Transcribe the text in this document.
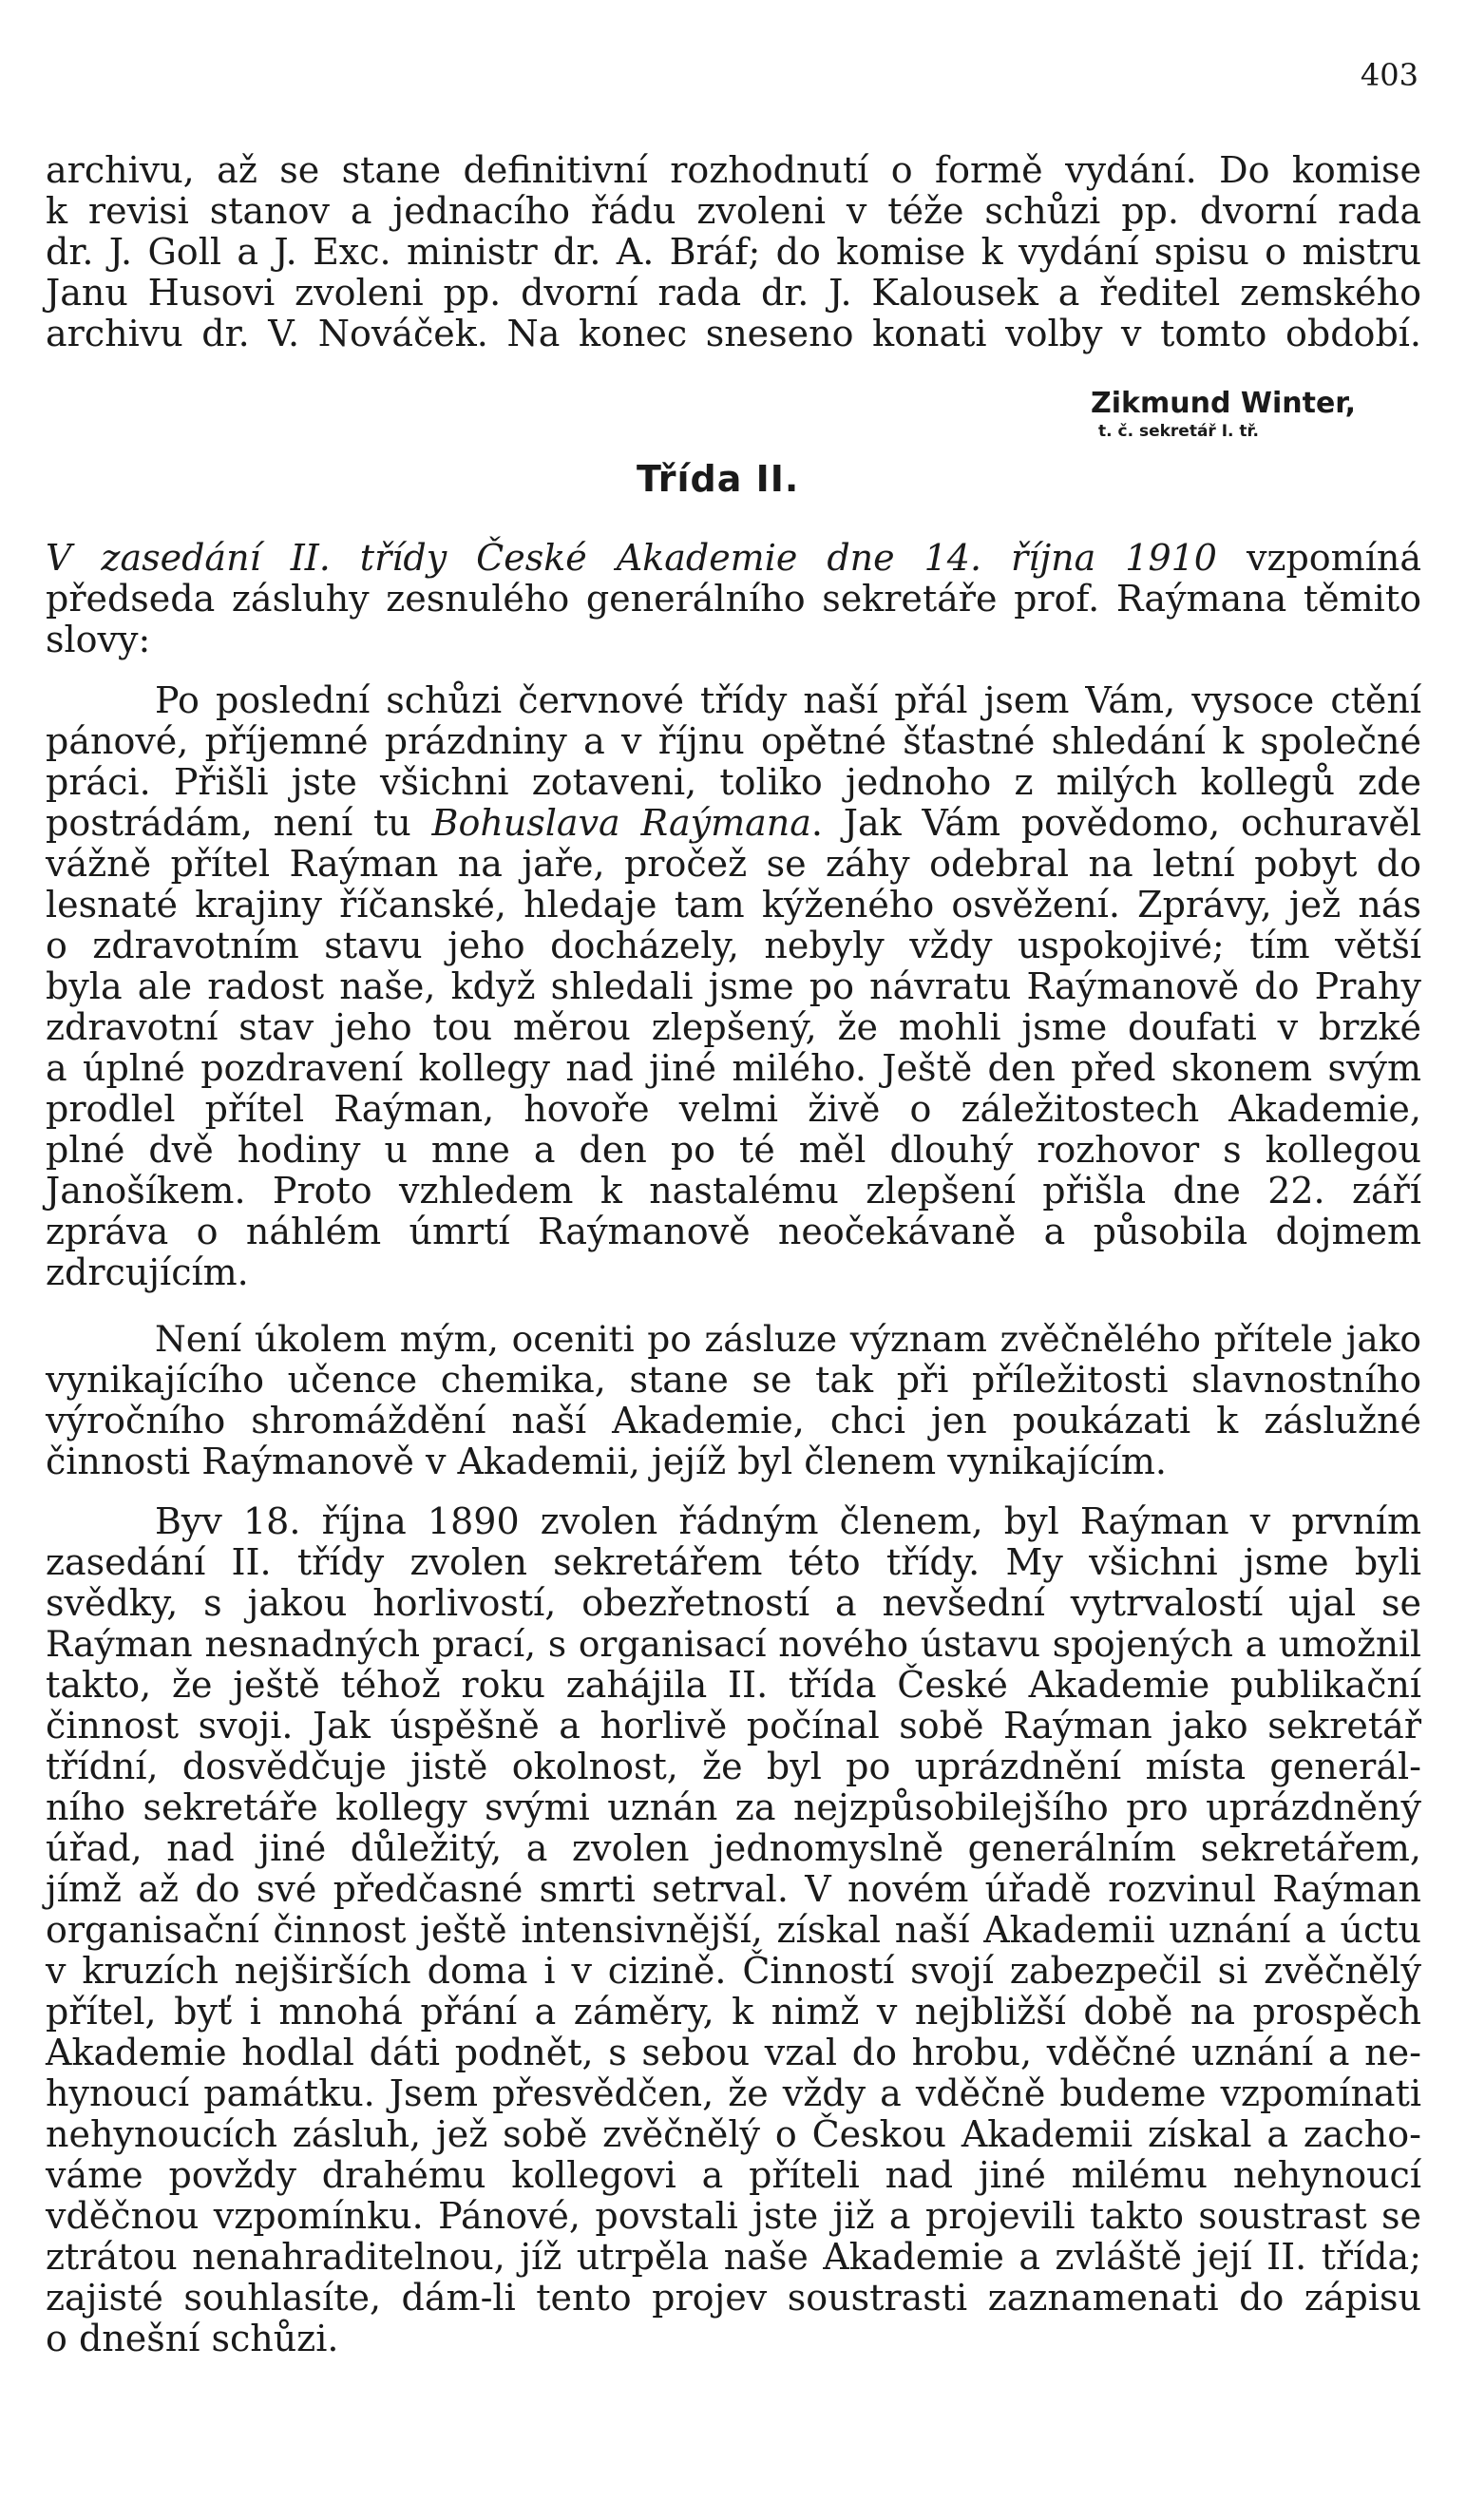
403
archivu, až se stane definitivní rozhodnutí o formě vydání. Do komise
k revisi stanov a jednacího řádu zvoleni v téže schůzi pp. dvorní rada
dr. J. Goll a J. Exc. ministr dr. A. Bráf; do komise k vydání spisu o mistru
Janu Husovi zvoleni pp. dvorní rada dr. J. Kalousek a ředitel zemského
archivu dr. V. Nováček. Na konec sneseno konati volby v tomto období.
Zikmund Winter,
t. č. sekretář I. tř.
Třída II.
V zasedání II. třídy České Akademie dne 14. října 1910 vzpomíná
předseda zásluhy zesnulého generálního sekretáře prof. Raýmana těmito
slovy:
Po poslední schůzi červnové třídy naší přál jsem Vám, vysoce ctění
pánové, příjemné prázdniny a v říjnu opětné šťastné shledání k společné
práci. Přišli jste všichni zotaveni, toliko jednoho z milých kollegů zde
postrádám, není tu Bohuslava Raýmana. Jak Vám povědomo, ochuravěl
vážně přítel Raýman na jaře, pročež se záhy odebral na letní pobyt do
lesnaté krajiny říčanské, hledaje tam kýženého osvěžení. Zprávy, jež nás
o zdravotním stavu jeho docházely, nebyly vždy uspokojivé; tím větší
byla ale radost naše, když shledali jsme po návratu Raýmanově do Prahy
zdravotní stav jeho tou měrou zlepšený, že mohli jsme doufati v brzké
a úplné pozdravení kollegy nad jiné milého. Ještě den před skonem svým
prodlel přítel Raýman, hovoře velmi živě o záležitostech Akademie,
plné dvě hodiny u mne a den po té měl dlouhý rozhovor s kollegou
Janošíkem. Proto vzhledem k nastalému zlepšení přišla dne 22. září
zpráva o náhlém úmrtí Raýmanově neočekávaně a působila dojmem
zdrcujícím.
Není úkolem mým, oceniti po zásluze význam zvěčnělého přítele jako
vynikajícího učence chemika, stane se tak při příležitosti slavnostního
výročního shromáždění naší Akademie, chci jen poukázati k záslužné
činnosti Raýmanově v Akademii, jejíž byl členem vynikajícím.
Byv 18. října 1890 zvolen řádným členem, byl Raýman v prvním
zasedání II. třídy zvolen sekretářem této třídy. My všichni jsme byli
svědky, s jakou horlivostí, obezřetností a nevšední vytrvalostí ujal se
Raýman nesnadných prací, s organisací nového ústavu spojených a umožnil
takto, že ještě téhož roku zahájila II. třída České Akademie publikační
činnost svoji. Jak úspěšně a horlivě počínal sobě Raýman jako sekretář
třídní, dosvědčuje jistě okolnost, že byl po uprázdnění místa generál-
ního sekretáře kollegy svými uznán za nejzpůsobilejšího pro uprázdněný
úřad, nad jiné důležitý, a zvolen jednomyslně generálním sekretářem,
jímž až do své předčasné smrti setrval. V novém úřadě rozvinul Raýman
organisační činnost ještě intensivnější, získal naší Akademii uznání a úctu
v kruzích nejširších doma i v cizině. Činností svojí zabezpečil si zvěčnělý
přítel, byť i mnohá přání a záměry, k nimž v nejbližší době na prospěch
Akademie hodlal dáti podnět, s sebou vzal do hrobu, vděčné uznání a ne-
hynoucí památku. Jsem přesvědčen, že vždy a vděčně budeme vzpomínati
nehynoucích zásluh, jež sobě zvěčnělý o Českou Akademii získal a zacho-
váme povždy drahému kollegovi a příteli nad jiné milému nehynoucí
vděčnou vzpomínku. Pánové, povstali jste již a projevili takto soustrast se
ztrátou nenahraditelnou, jíž utrpěla naše Akademie a zvláště její II. třída;
zajisté souhlasíte, dám-li tento projev soustrasti zaznamenati do zápisu
o dnešní schůzi.
